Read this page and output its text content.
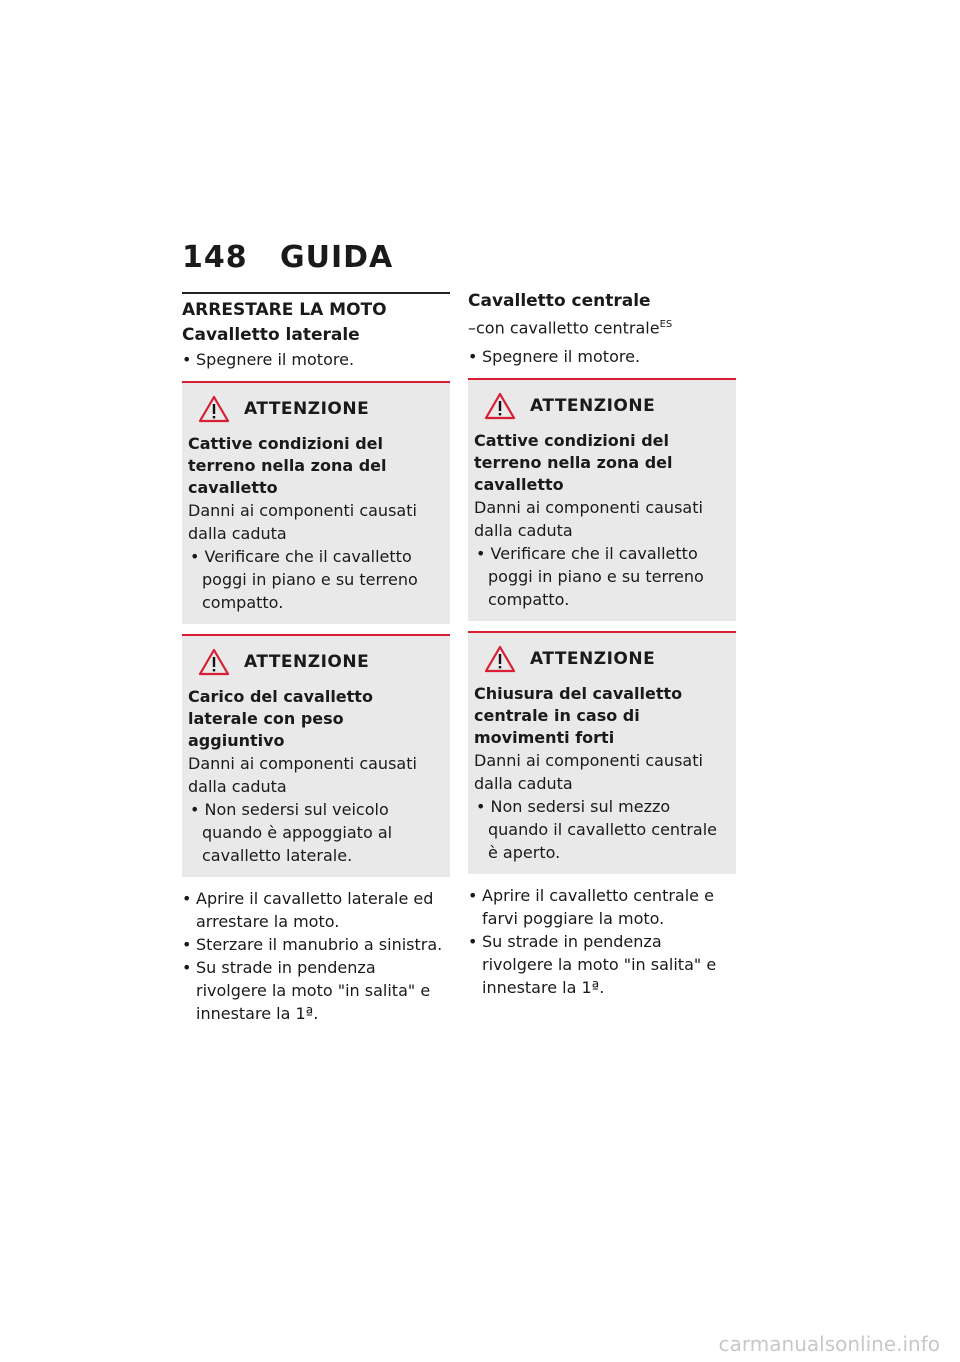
148 GUIDA
ARRESTARE LA MOTO
Cavalletto laterale

• Spegnere il motore.

ATTENZIONE

Cattive condizioni del terreno nella zona del cavalletto

Danni ai componenti causati dalla caduta

• Verificare che il cavalletto poggi in piano e su terreno compatto.

ATTENZIONE

Carico del cavalletto laterale con peso aggiuntivo

Danni ai componenti causati dalla caduta

• Non sedersi sul veicolo quando è appoggiato al cavalletto laterale.

• Aprire il cavalletto laterale ed arrestare la moto.

• Sterzare il manubrio a sinistra.

• Su strade in pendenza rivolgere la moto "in salita" e innestare la 1ª.

Cavalletto centrale

–con cavalletto centrale$^{ES}$

• Spegnere il motore.

ATTENZIONE

Cattive condizioni del terreno nella zona del cavalletto

Danni ai componenti causati dalla caduta

• Verificare che il cavalletto poggi in piano e su terreno compatto.

ATTENZIONE

Chiusura del cavalletto centrale in caso di movimenti forti

Danni ai componenti causati dalla caduta

• Non sedersi sul mezzo quando il cavalletto centrale è aperto.

• Aprire il cavalletto centrale e farvi poggiare la moto.

• Su strade in pendenza rivolgere la moto "in salita" e innestare la 1ª.

carmanualsonline.info
